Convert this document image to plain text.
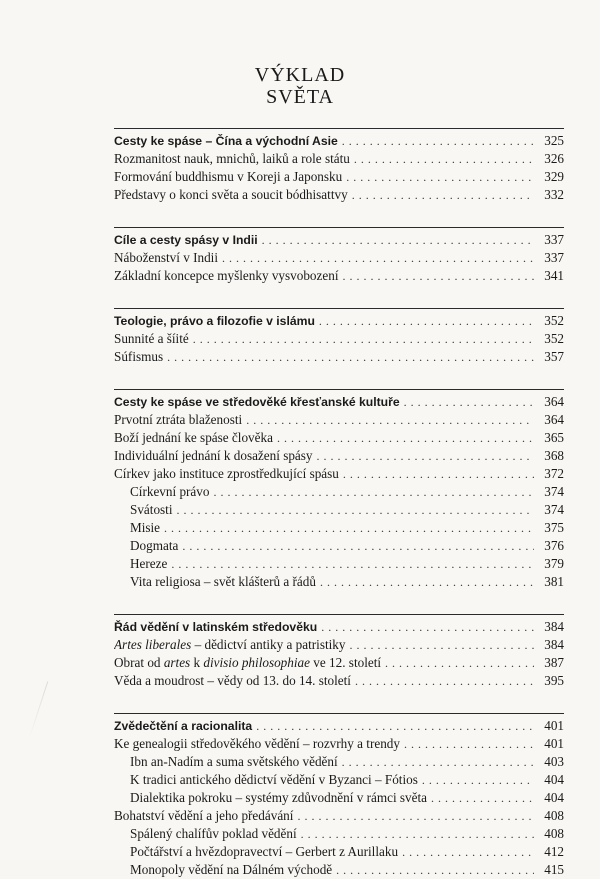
VÝKLAD
SVĚTA
Cesty ke spáse – Čína a východní Asie . . .	325
Rozmanitost nauk, mnichů, laiků a role státu . . .	326
Formování buddhismu v Koreji a Japonsku . . .	329
Představy o konci světa a soucit bódhisattvy . . .	332
Cíle a cesty spásy v Indii . . .	337
Náboženství v Indii . . .	337
Základní koncepce myšlenky vysvobození . . .	341
Teologie, právo a filozofie v islámu . . .	352
Sunnité a šíité . . .	352
Súfismus . . .	357
Cesty ke spáse ve středověké křesťanské kultuře . . .	364
Prvotní ztráta blaženosti . . .	364
Boží jednání ke spáse člověka . . .	365
Individuální jednání k dosažení spásy . . .	368
Církev jako instituce zprostředkující spásu . . .	372
Církevní právo . . .	374
Svátosti . . .	374
Misie . . .	375
Dogmata . . .	376
Hereze . . .	379
Vita religiosa – svět klášterů a řádů . . .	381
Řád vědění v latinském středověku . . .	384
Artes liberales – dědictví antiky a patristiky . . .	384
Obrat od artes k divisio philosophiae ve 12. století . . .	387
Věda a moudrost – vědy od 13. do 14. století . . .	395
Zvědečtění a racionalita . . .	401
Ke genealogii středověkého vědění – rozvrhy a trendy . . .	401
Ibn an-Nadím a suma světského vědění . . .	403
K tradici antického dědictví vědění v Byzanci – Fótios . . .	404
Dialektika pokroku – systémy zdůvodnění v rámci světa . . .	404
Bohatství vědění a jeho předávání . . .	408
Spálený chalífův poklad vědění . . .	408
Počtářství a hvězdopravectví – Gerbert z Aurillaku . . .	412
Monopoly vědění na Dálném východě . . .	415
